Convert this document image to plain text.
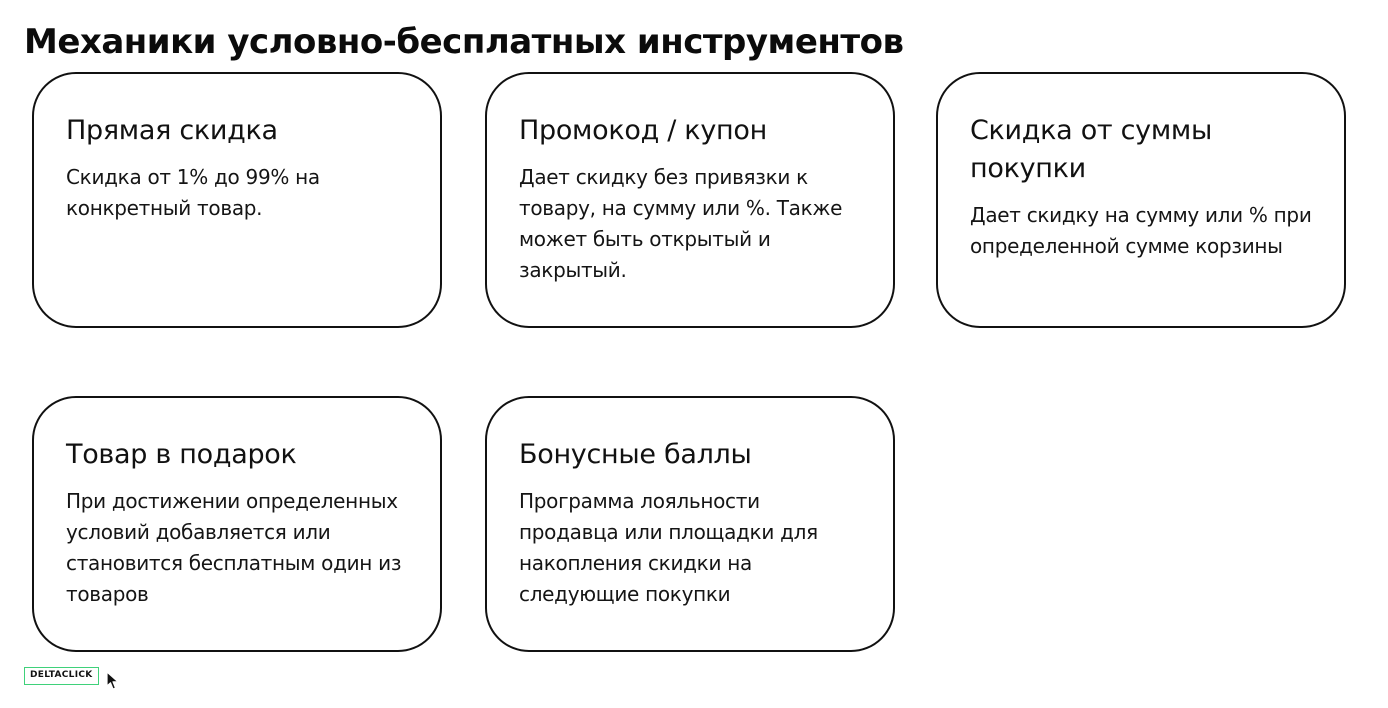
Механики условно-бесплатных инструментов
Прямая скидка

Скидка от 1% до 99% на конкретный товар.

Промокод / купон

Дает скидку без привязки к товару, на сумму или %. Также может быть открытый и закрытый.

Скидка от суммы покупки

Дает скидку на сумму или % при определенной сумме корзины

Товар в подарок

При достижении определенных условий добавляется или становится бесплатным один из товаров

Бонусные баллы

Программа лояльности продавца или площадки для накопления скидки на следующие покупки

DELTACLICK
